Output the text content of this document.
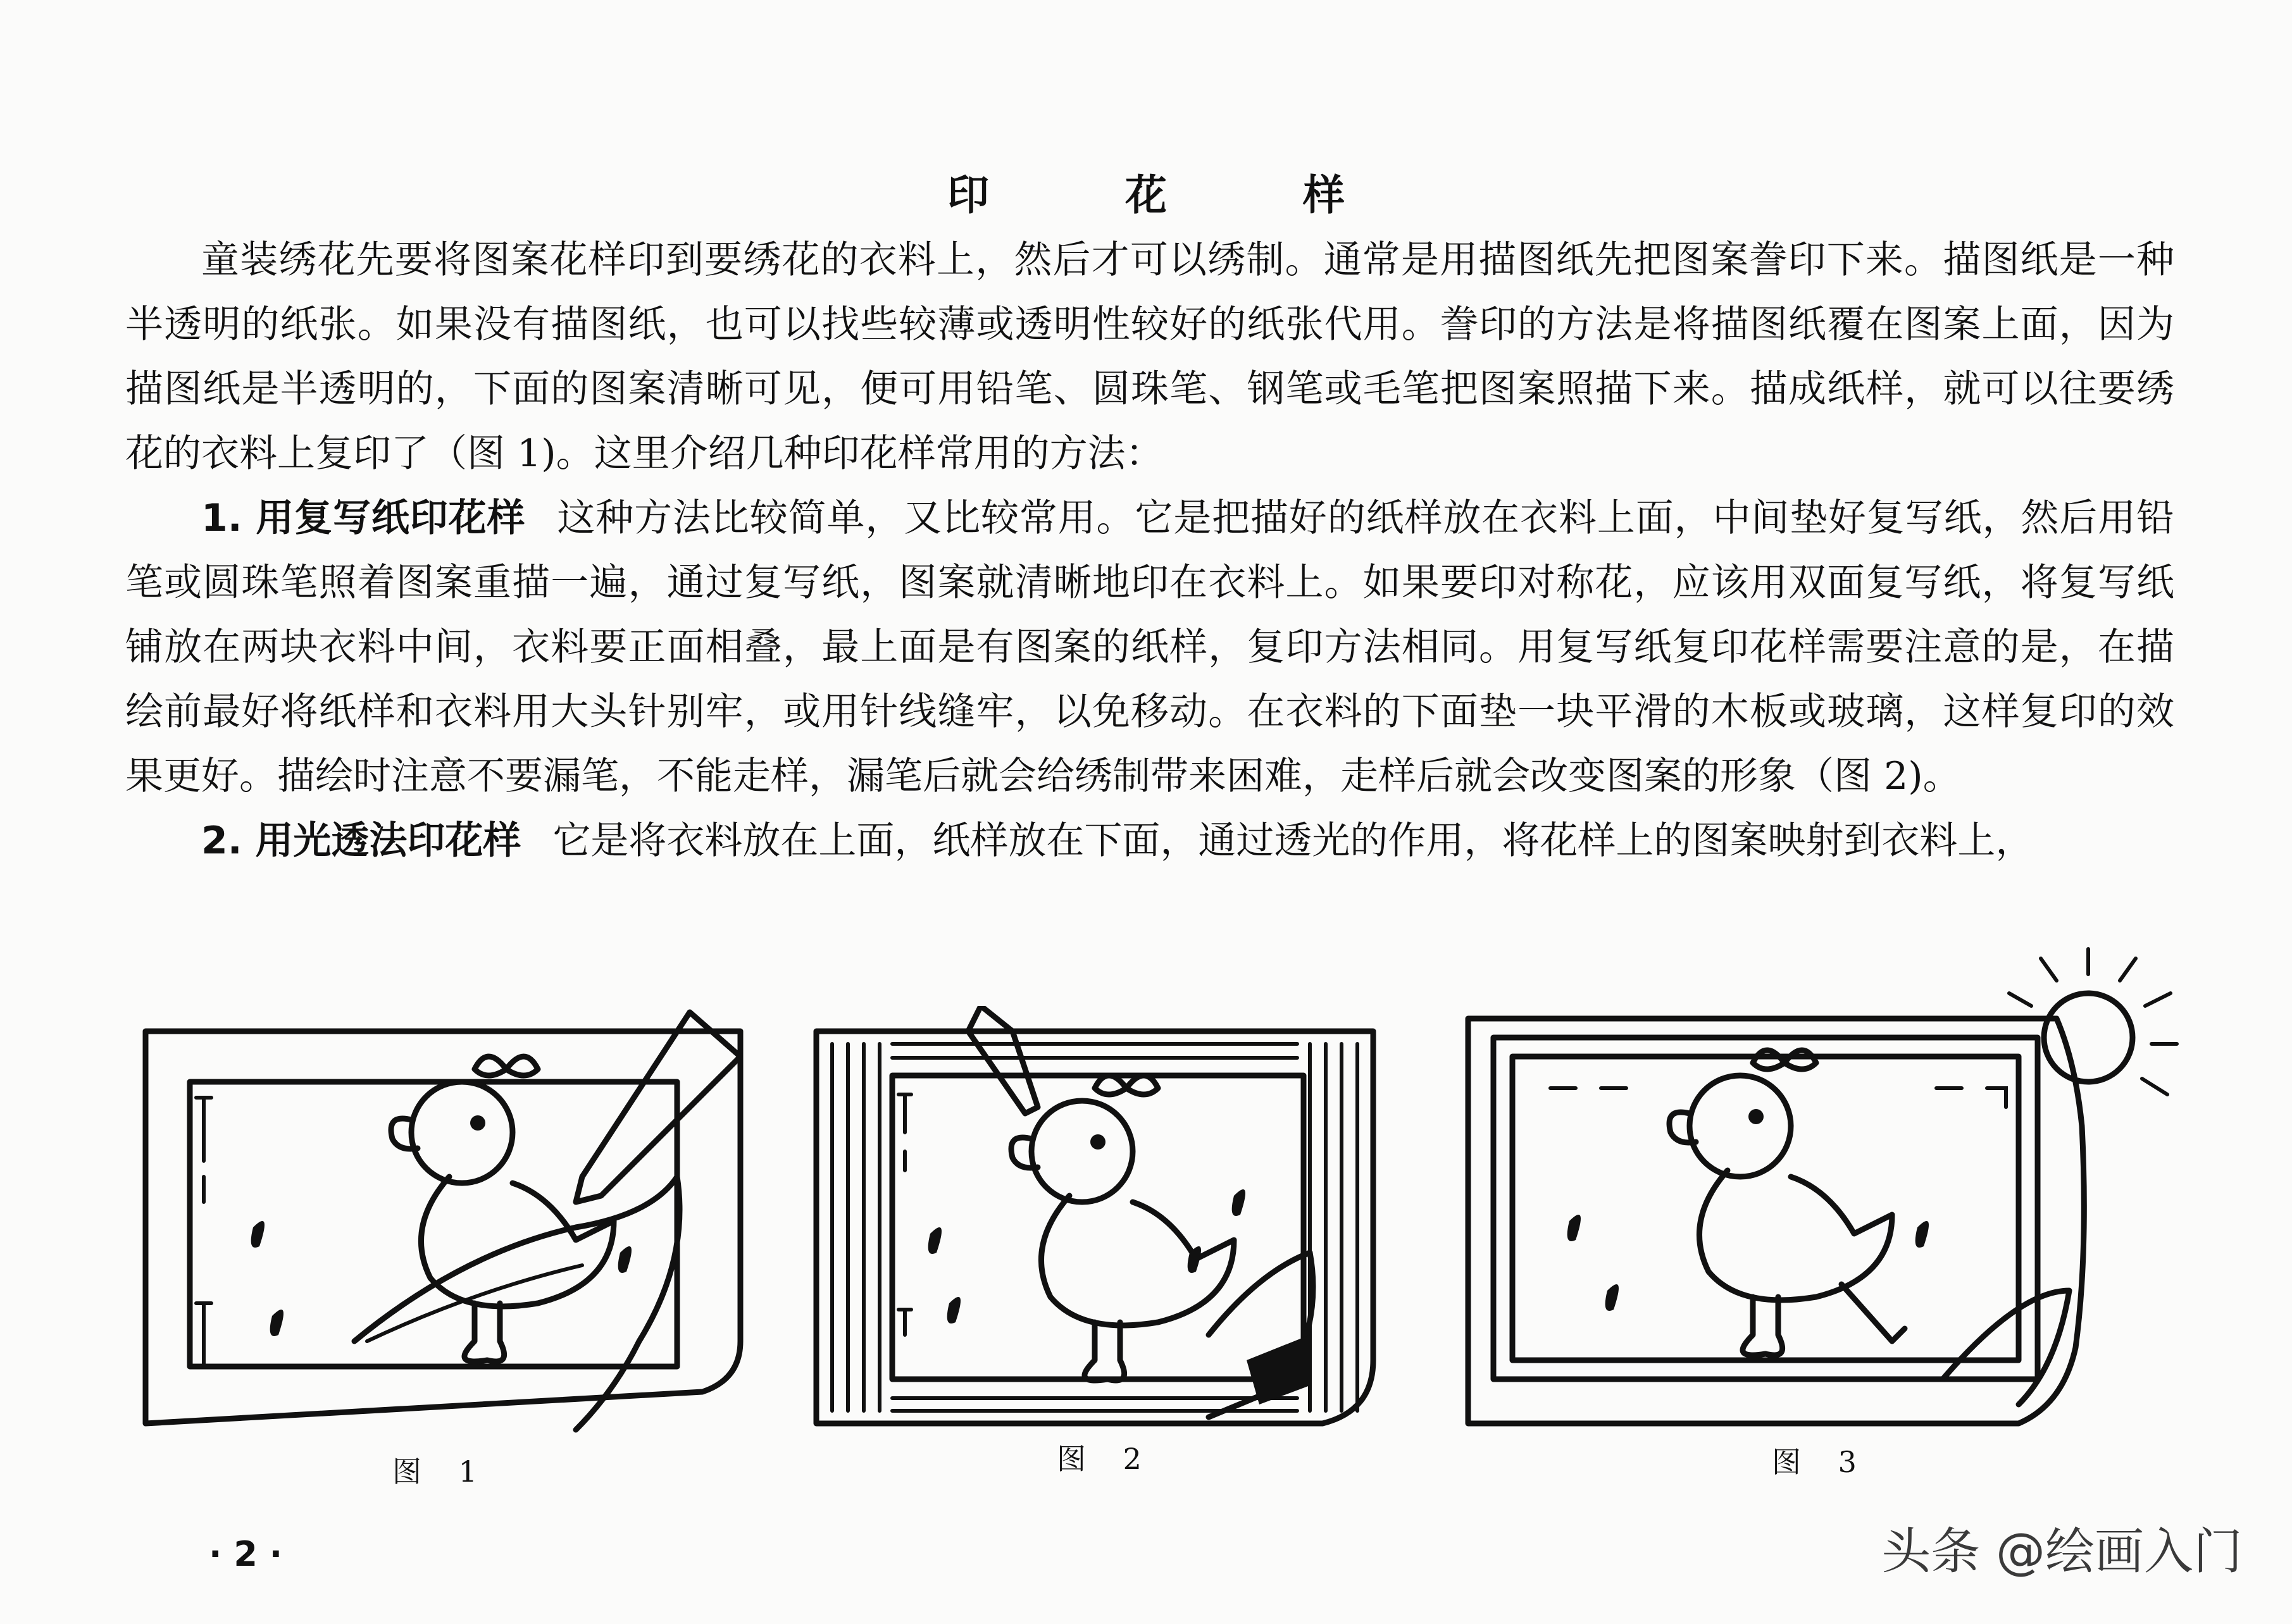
印 花 样

童装绣花先要将图案花样印到要绣花的衣料上，然后才可以绣制。通常是用描图纸先把图案誊印下来。描图纸是一种半透明的纸张。如果没有描图纸，也可以找些较薄或透明性较好的纸张代用。誊印的方法是将描图纸覆在图案上面，因为描图纸是半透明的，下面的图案清晰可见，便可用铅笔、圆珠笔、钢笔或毛笔把图案照描下来。描成纸样，就可以往要绣花的衣料上复印了（图 1)。这里介绍几种印花样常用的方法：

1. 用复写纸印花样 这种方法比较简单，又比较常用。它是把描好的纸样放在衣料上面，中间垫好复写纸，然后用铅笔或圆珠笔照着图案重描一遍，通过复写纸，图案就清晰地印在衣料上。如果要印对称花，应该用双面复写纸，将复写纸铺放在两块衣料中间，衣料要正面相叠，最上面是有图案的纸样，复印方法相同。用复写纸复印花样需要注意的是，在描绘前最好将纸样和衣料用大头针别牢，或用针线缝牢，以免移动。在衣料的下面垫一块平滑的木板或玻璃，这样复印的效果更好。描绘时注意不要漏笔，不能走样，漏笔后就会给绣制带来困难，走样后就会改变图案的形象（图 2)。

2. 用光透法印花样 它是将衣料放在上面，纸样放在下面，通过透光的作用，将花样上的图案映射到衣料上，

图 1	图 2	图 3
· 2 ·	头条 @绘画入门
